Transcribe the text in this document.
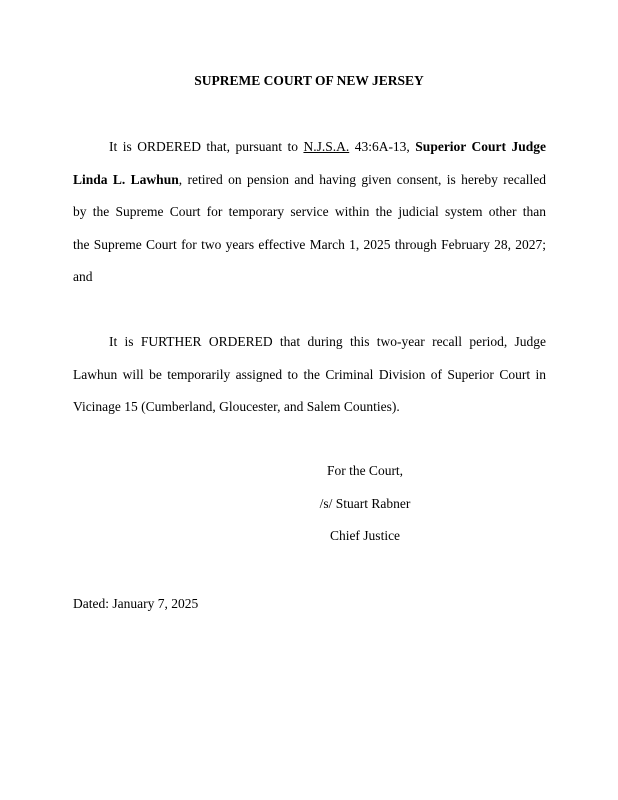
SUPREME COURT OF NEW JERSEY
It is ORDERED that, pursuant to N.J.S.A. 43:6A-13, Superior Court Judge
Linda L. Lawhun, retired on pension and having given consent, is hereby recalled
by the Supreme Court for temporary service within the judicial system other than
the Supreme Court for two years effective March 1, 2025 through February 28, 2027;
and
It is FURTHER ORDERED that during this two-year recall period, Judge
Lawhun will be temporarily assigned to the Criminal Division of Superior Court in
Vicinage 15 (Cumberland, Gloucester, and Salem Counties).
For the Court,
/s/ Stuart Rabner
Chief Justice
Dated: January 7, 2025
